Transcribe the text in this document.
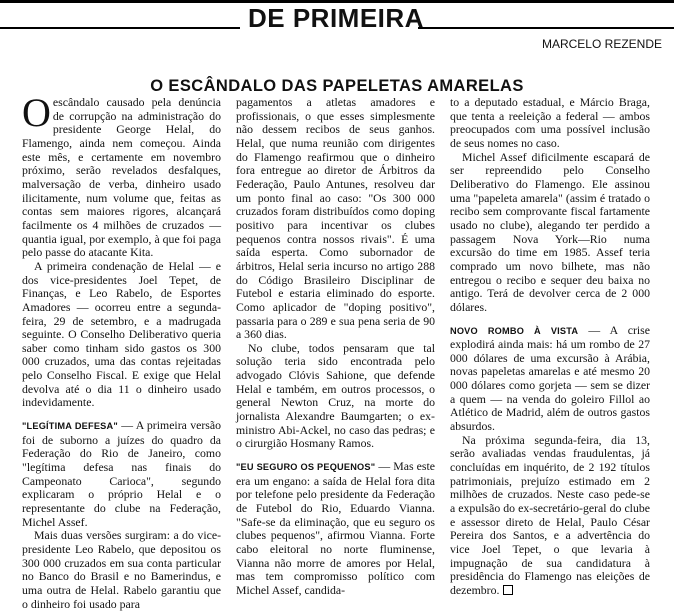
DE PRIMEIRA
MARCELO REZENDE
O ESCÂNDALO DAS PAPELETAS AMARELAS

Oescândalo causado pela denúncia de corrupção na administração do presidente George Helal, do Flamengo, ainda nem começou. Ainda este mês, e certamente em novembro próximo, serão revelados desfalques, malversação de verba, dinheiro usado ilicitamente, num volume que, feitas as contas sem maiores rigores, alcançará facilmente os 4 milhões de cruzados — quantia igual, por exemplo, à que foi paga pelo passe do atacante Kita.

A primeira condenação de Helal — e dos vice-presidentes Joel Tepet, de Finanças, e Leo Rabelo, de Esportes Amadores — ocorreu entre a segunda-feira, 29 de setembro, e a madrugada seguinte. O Conselho Deliberativo queria saber como tinham sido gastos os 300 000 cruzados, uma das contas rejeitadas pelo Conselho Fiscal. E exige que Helal devolva até o dia 11 o dinheiro usado indevidamente.

"LEGÍTIMA DEFESA" — A primeira versão foi de suborno a juízes do quadro da Federação do Rio de Janeiro, como "legítima defesa nas finais do Campeonato Carioca", segundo explicaram o próprio Helal e o representante do clube na Federação, Michel Assef.

Mais duas versões surgiram: a do vice-presidente Leo Rabelo, que depositou os 300 000 cruzados em sua conta particular no Banco do Brasil e no Bamerindus, e uma outra de Helal. Rabelo garantiu que o dinheiro foi usado para

pagamentos a atletas amadores e profissionais, o que esses simplesmente não dessem recibos de seus ganhos. Helal, que numa reunião com dirigentes do Flamengo reafirmou que o dinheiro fora entregue ao diretor de Árbitros da Federação, Paulo Antunes, resolveu dar um ponto final ao caso: "Os 300 000 cruzados foram distribuídos como doping positivo para incentivar os clubes pequenos contra nossos rivais". É uma saída esperta. Como subornador de árbitros, Helal seria incurso no artigo 288 do Código Brasileiro Disciplinar de Futebol e estaria eliminado do esporte. Como aplicador de "doping positivo", passaria para o 289 e sua pena seria de 90 a 360 dias.

No clube, todos pensaram que tal solução teria sido encontrada pelo advogado Clóvis Sahione, que defende Helal e também, em outros processos, o general Newton Cruz, na morte do jornalista Alexandre Baumgarten; o ex-ministro Abi-Ackel, no caso das pedras; e o cirurgião Hosmany Ramos.

"EU SEGURO OS PEQUENOS" — Mas este era um engano: a saída de Helal fora dita por telefone pelo presidente da Federação de Futebol do Rio, Eduardo Vianna. "Safe-se da eliminação, que eu seguro os clubes pequenos", afirmou Vianna. Forte cabo eleitoral no norte fluminense, Vianna não morre de amores por Helal, mas tem compromisso político com Michel Assef, candida-

to a deputado estadual, e Márcio Braga, que tenta a reeleição a federal — ambos preocupados com uma possível inclusão de seus nomes no caso.

Michel Assef dificilmente escapará de ser repreendido pelo Conselho Deliberativo do Flamengo. Ele assinou uma "papeleta amarela" (assim é tratado o recibo sem comprovante fiscal fartamente usado no clube), alegando ter perdido a passagem Nova York—Rio numa excursão do time em 1985. Assef teria comprado um novo bilhete, mas não entregou o recibo e sequer deu baixa no antigo. Terá de devolver cerca de 2 000 dólares.

NOVO ROMBO À VISTA — A crise explodirá ainda mais: há um rombo de 27 000 dólares de uma excursão à Arábia, novas papeletas amarelas e até mesmo 20 000 dólares como gorjeta — sem se dizer a quem — na venda do goleiro Fillol ao Atlético de Madrid, além de outros gastos absurdos.

Na próxima segunda-feira, dia 13, serão avaliadas vendas fraudulentas, já concluídas em inquérito, de 2 192 títulos patrimoniais, prejuízo estimado em 2 milhões de cruzados. Neste caso pede-se a expulsão do ex-secretário-geral do clube e assessor direto de Helal, Paulo César Pereira dos Santos, e a advertência do vice Joel Tepet, o que levaria à impugnação de sua candidatura à presidência do Flamengo nas eleições de dezembro.
